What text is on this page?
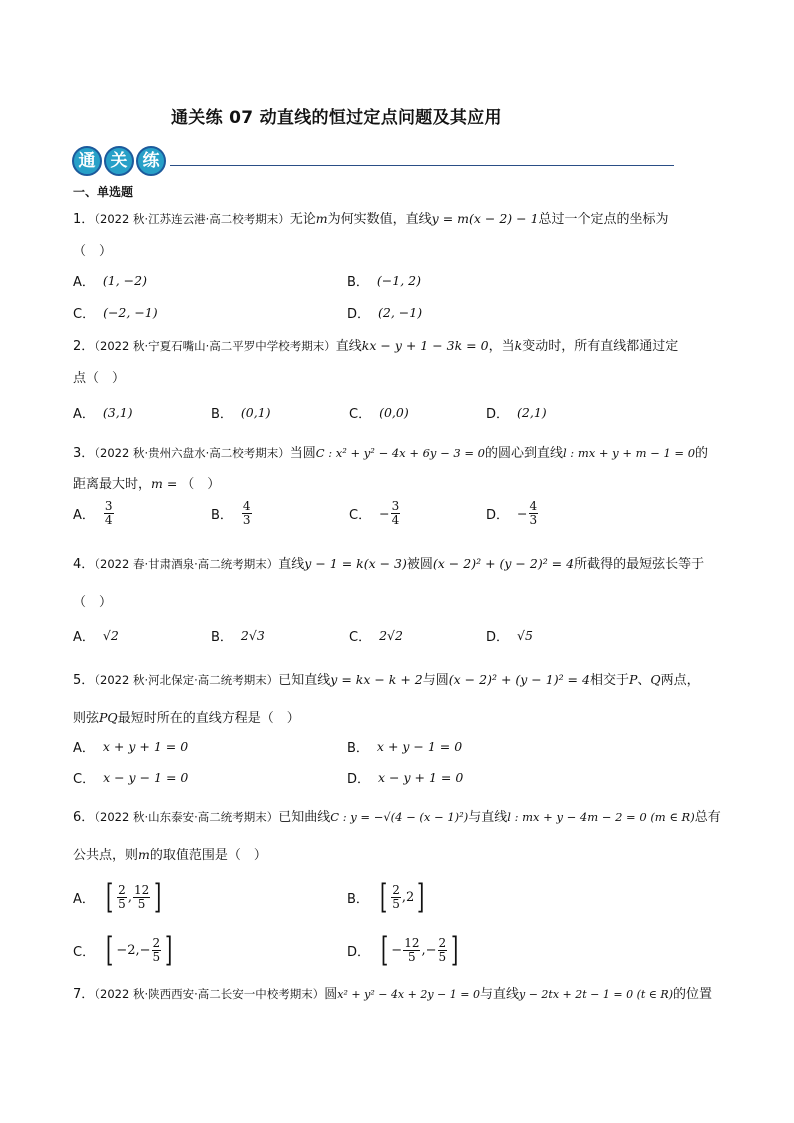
通关练 07 动直线的恒过定点问题及其应用
通 关 练
一、单选题
1．（2022 秋·江苏连云港·高二校考期末）无论m为何实数值，直线y = m(x − 2) − 1总过一个定点的坐标为
（　）
A． (1, −2)	B． (−1, 2)
C． (−2, −1)	D． (2, −1)
2．（2022 秋·宁夏石嘴山·高二平罗中学校考期末）直线kx − y + 1 − 3k = 0，当k变动时，所有直线都通过定
点（　）
A． (3,1)	B． (0,1)	C． (0,0)	D． (2,1)
3．（2022 秋·贵州六盘水·高二校考期末）当圆C : x² + y² − 4x + 6y − 3 = 0的圆心到直线l : mx + y + m − 1 = 0的
距离最大时，m = （　）
A． $\frac{3}{4}$	B． $\frac{4}{3}$	C． − $\frac{3}{4}$	D． − $\frac{4}{3}$
4．（2022 春·甘肃酒泉·高二统考期末）直线y − 1 = k(x − 3)被圆(x − 2)² + (y − 2)² = 4所截得的最短弦长等于
（　）
A． √2	B． 2√3	C． 2√2	D． √5
5．（2022 秋·河北保定·高二统考期末）已知直线y = kx − k + 2与圆(x − 2)² + (y − 1)² = 4相交于P、Q两点，
则弦PQ最短时所在的直线方程是（　）
A． x + y + 1 = 0	B． x + y − 1 = 0
C． x − y − 1 = 0	D． x − y + 1 = 0
6．（2022 秋·山东泰安·高二统考期末）已知曲线C : y = −√(4 − (x − 1)²)与直线l : mx + y − 4m − 2 = 0 (m ∈ R)总有
公共点，则m的取值范围是（　）
A． [ $\frac{2}{5}$ , $\frac{12}{5}$ ]	B． [ $\frac{2}{5} ,2$ ]
C． [ $-2,- \frac{2}{5}$ ]	D． [ − $\frac{12}{5}$ ,− $\frac{2}{5}$ ]
7．（2022 秋·陕西西安·高二长安一中校考期末）圆x² + y² − 4x + 2y − 1 = 0与直线y − 2tx + 2t − 1 = 0 (t ∈ R)的位置
